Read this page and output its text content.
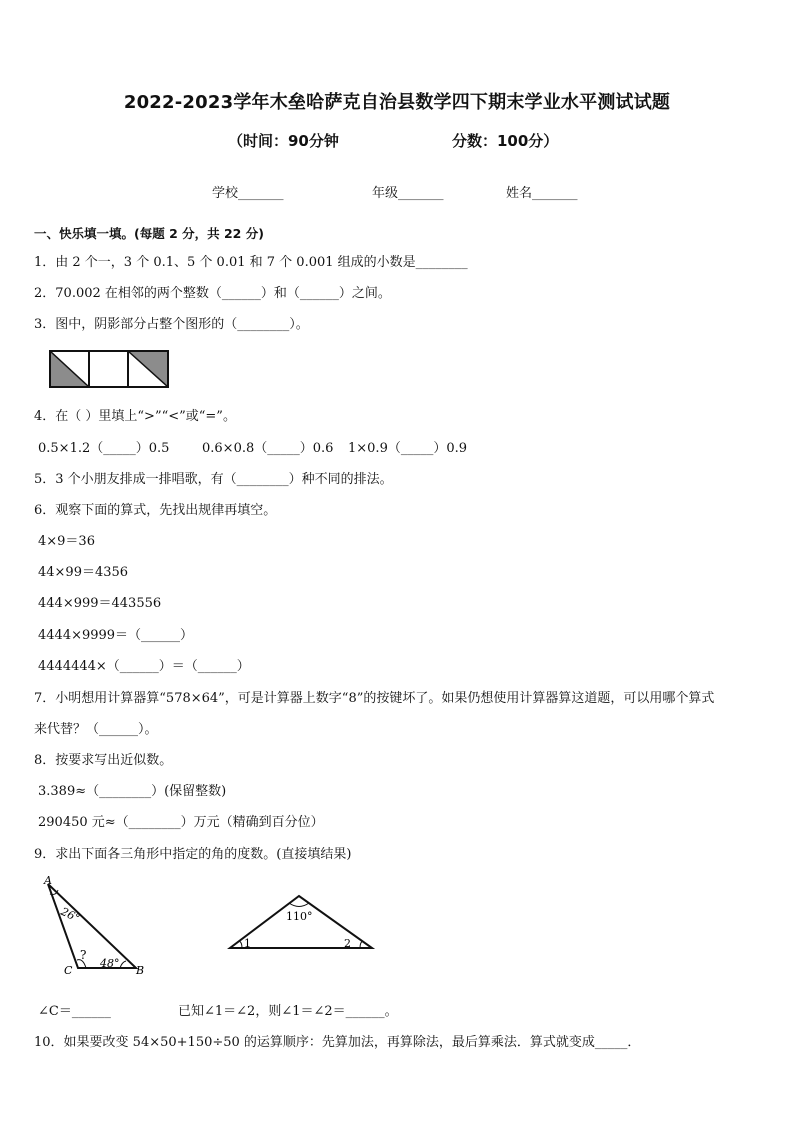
2022-2023学年木垒哈萨克自治县数学四下期末学业水平测试试题
（时间：90分钟	分数：100分）
学校_______	年级_______	姓名_______
一、快乐填一填。(每题 2 分，共 22 分)
1．由 2 个一，3 个 0.1、5 个 0.01 和 7 个 0.001 组成的小数是________
2．70.002 在相邻的两个整数（______）和（______）之间。
3．图中，阴影部分占整个图形的（________）。
4．在（ ）里填上“>”“<”或“=”。
0.5×1.2（_____）0.5	0.6×0.8（_____）0.6 1×0.9（_____）0.9
5．3 个小朋友排成一排唱歌，有（________）种不同的排法。
6．观察下面的算式，先找出规律再填空。
4×9＝36
44×99＝4356
444×999＝443556
4444×9999＝（______）
4444444×（______）＝（______）
7．小明想用计算器算“578×64”，可是计算器上数字“8”的按键坏了。如果仍想使用计算器算这道题，可以用哪个算式
来代替？（______）。
8．按要求写出近似数。
3.389≈（________）(保留整数)
290450 元≈（________）万元（精确到百分位）
9．求出下面各三角形中指定的角的度数。(直接填结果)
A
26°
?
C
48°
B
110°
1	2
∠C＝______	已知∠1＝∠2，则∠1＝∠2＝______。
10．如果要改变 54×50+150÷50 的运算顺序：先算加法，再算除法，最后算乘法．算式就变成_____．
